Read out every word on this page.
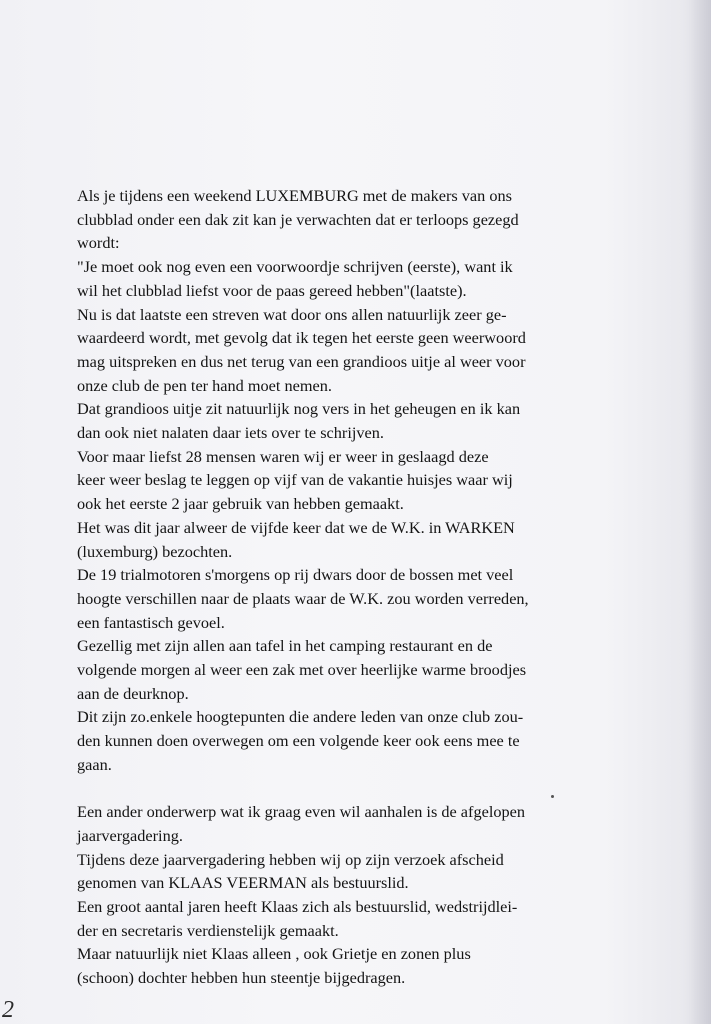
Als je tijdens een weekend LUXEMBURG met de makers van ons
clubblad onder een dak zit kan je verwachten dat er terloops gezegd
wordt:
"Je moet ook nog even een voorwoordje schrijven (eerste), want ik
wil het clubblad liefst voor de paas gereed hebben"(laatste).
Nu is dat laatste een streven wat door ons allen natuurlijk zeer ge-
waardeerd wordt, met gevolg dat ik tegen het eerste geen weerwoord
mag uitspreken en dus net terug van een grandioos uitje al weer voor
onze club de pen ter hand moet nemen.
Dat grandioos uitje zit natuurlijk nog vers in het geheugen en ik kan
dan ook niet nalaten daar iets over te schrijven.
Voor maar liefst 28 mensen waren wij er weer in geslaagd deze
keer weer beslag te leggen op vijf van de vakantie huisjes waar wij
ook het eerste 2 jaar gebruik van hebben gemaakt.
Het was dit jaar alweer de vijfde keer dat we de W.K. in WARKEN
(luxemburg) bezochten.
De 19 trialmotoren s'morgens op rij dwars door de bossen met veel
hoogte verschillen naar de plaats waar de W.K. zou worden verreden,
een fantastisch gevoel.
Gezellig met zijn allen aan tafel in het camping restaurant en de
volgende morgen al weer een zak met over heerlijke warme broodjes
aan de deurknop.
Dit zijn zo.enkele hoogtepunten die andere leden van onze club zou-
den kunnen doen overwegen om een volgende keer ook eens mee te
gaan.
Een ander onderwerp wat ik graag even wil aanhalen is de afgelopen
jaarvergadering.
Tijdens deze jaarvergadering hebben wij op zijn verzoek afscheid
genomen van KLAAS VEERMAN als bestuurslid.
Een groot aantal jaren heeft Klaas zich als bestuurslid, wedstrijdlei-
der en secretaris verdienstelijk gemaakt.
Maar natuurlijk niet Klaas alleen , ook Grietje en zonen plus
(schoon) dochter hebben hun steentje bijgedragen.
2
